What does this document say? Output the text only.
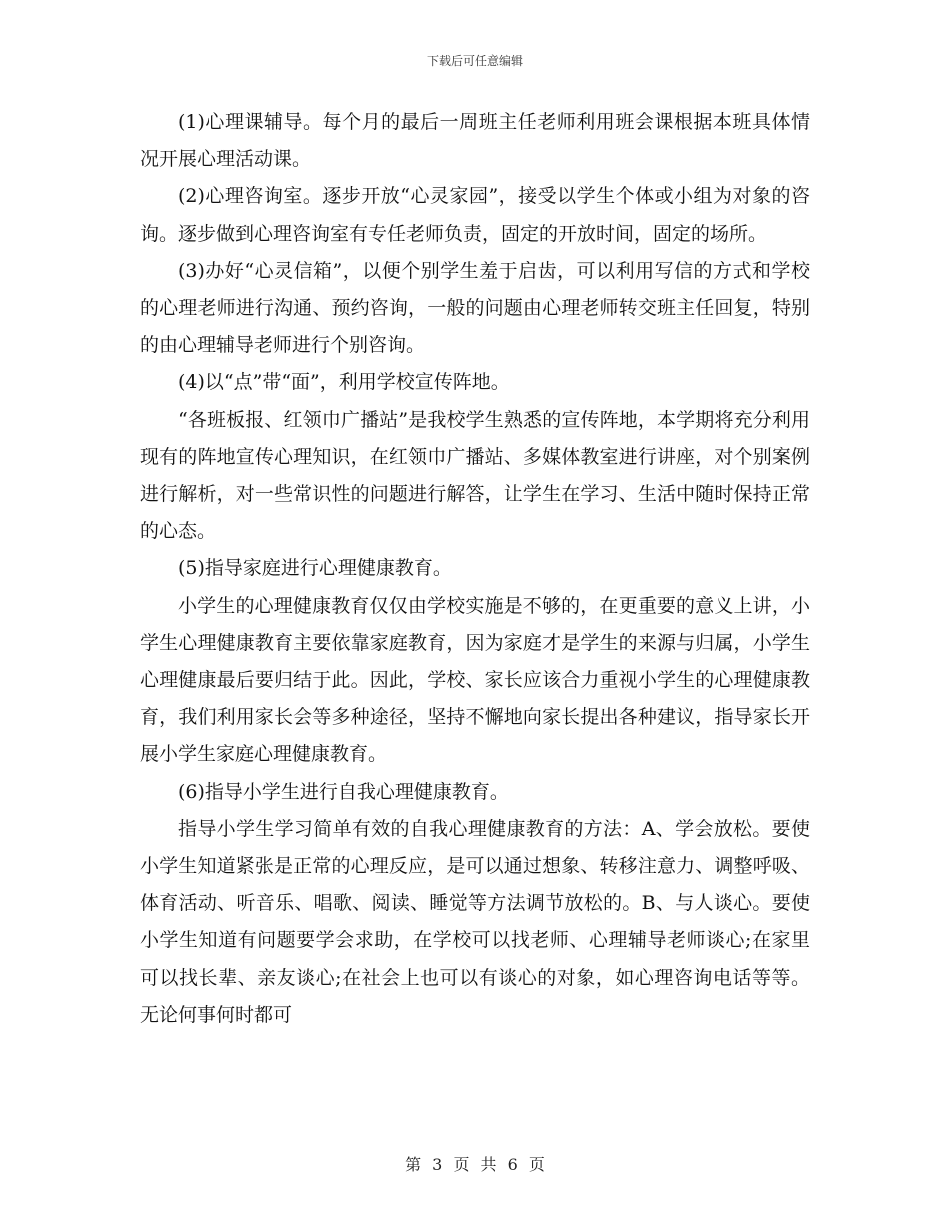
下载后可任意编辑

(1)心理课辅导。每个月的最后一周班主任老师利用班会课根据本班具体情况开展心理活动课。

(2)心理咨询室。逐步开放“心灵家园”，接受以学生个体或小组为对象的咨询。逐步做到心理咨询室有专任老师负责，固定的开放时间，固定的场所。

(3)办好“心灵信箱”，以便个别学生羞于启齿，可以利用写信的方式和学校的心理老师进行沟通、预约咨询，一般的问题由心理老师转交班主任回复，特别的由心理辅导老师进行个别咨询。

(4)以“点”带“面”，利用学校宣传阵地。

“各班板报、红领巾广播站”是我校学生熟悉的宣传阵地，本学期将充分利用现有的阵地宣传心理知识，在红领巾广播站、多媒体教室进行讲座，对个别案例进行解析，对一些常识性的问题进行解答，让学生在学习、生活中随时保持正常的心态。

(5)指导家庭进行心理健康教育。

小学生的心理健康教育仅仅由学校实施是不够的，在更重要的意义上讲，小学生心理健康教育主要依靠家庭教育，因为家庭才是学生的来源与归属，小学生心理健康最后要归结于此。因此，学校、家长应该合力重视小学生的心理健康教育，我们利用家长会等多种途径，坚持不懈地向家长提出各种建议，指导家长开展小学生家庭心理健康教育。

(6)指导小学生进行自我心理健康教育。

指导小学生学习简单有效的自我心理健康教育的方法：A、学会放松。要使小学生知道紧张是正常的心理反应，是可以通过想象、转移注意力、调整呼吸、体育活动、听音乐、唱歌、阅读、睡觉等方法调节放松的。B、与人谈心。要使小学生知道有问题要学会求助，在学校可以找老师、心理辅导老师谈心;在家里可以找长辈、亲友谈心;在社会上也可以有谈心的对象，如心理咨询电话等等。无论何事何时都可

第 3 页 共 6 页
